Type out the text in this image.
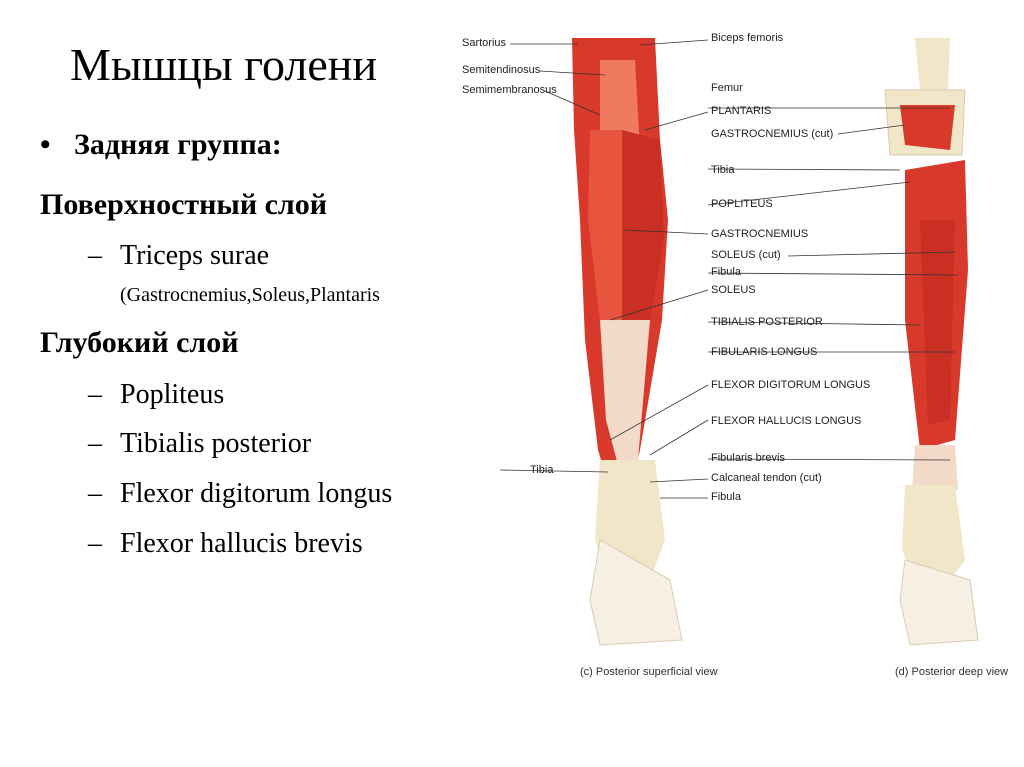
Мышцы голени
• Задняя группа:
Поверхностный слой
– Triceps surae
(Gastrocnemius,Soleus,Plantaris
Глубокий слой
– Popliteus
– Tibialis posterior
– Flexor digitorum longus
– Flexor hallucis brevis
Sartorius
Semitendinosus
Semimembranosus
Tibia
Biceps femoris
Femur
PLANTARIS
GASTROCNEMIUS (cut)
Tibia
POPLITEUS
GASTROCNEMIUS
SOLEUS (cut)
Fibula
SOLEUS
TIBIALIS POSTERIOR
FIBULARIS LONGUS
FLEXOR DIGITORUM LONGUS
FLEXOR HALLUCIS LONGUS
Fibularis brevis
Calcaneal tendon (cut)
Fibula
(c) Posterior superficial view	(d) Posterior deep view
